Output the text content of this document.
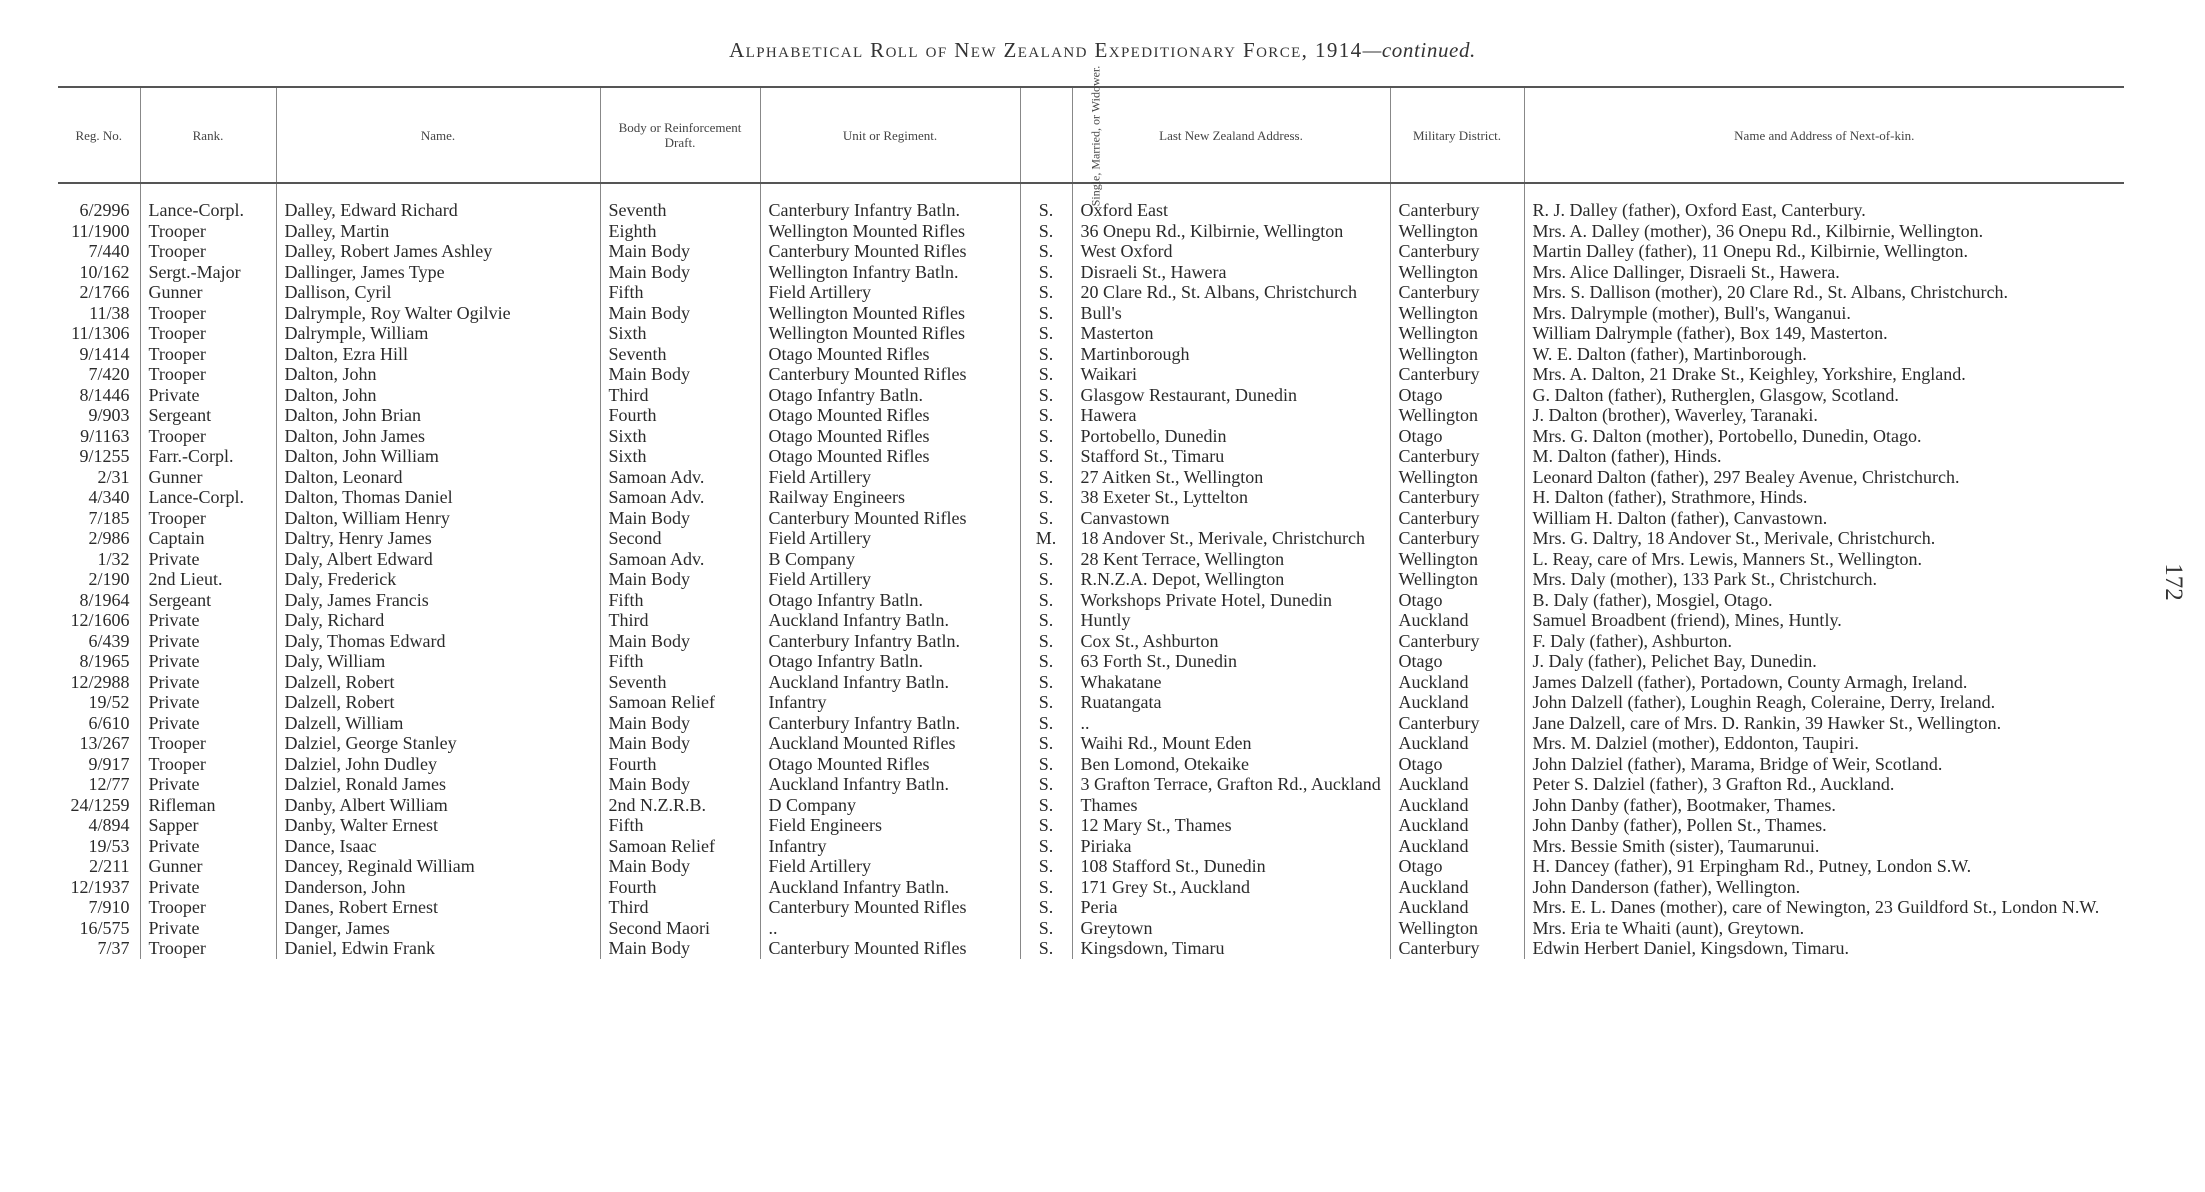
Alphabetical Roll of New Zealand Expeditionary Force, 1914—continued.
Reg. No.	Rank.	Name.	Body or Reinforcement Draft.	Unit or Regiment.	Single, Married, or Widower.	Last New Zealand Address.	Military District.	Name and Address of Next-of-kin.
6/2996	Lance-Corpl.	Dalley, Edward Richard	Seventh	Canterbury Infantry Batln.	S.	Oxford East	Canterbury	R. J. Dalley (father), Oxford East, Canterbury.
11/1900	Trooper	Dalley, Martin	Eighth	Wellington Mounted Rifles	S.	36 Onepu Rd., Kilbirnie, Wellington	Wellington	Mrs. A. Dalley (mother), 36 Onepu Rd., Kilbirnie, Wellington.
7/440	Trooper	Dalley, Robert James Ashley	Main Body	Canterbury Mounted Rifles	S.	West Oxford	Canterbury	Martin Dalley (father), 11 Onepu Rd., Kilbirnie, Wellington.
10/162	Sergt.-Major	Dallinger, James Type	Main Body	Wellington Infantry Batln.	S.	Disraeli St., Hawera	Wellington	Mrs. Alice Dallinger, Disraeli St., Hawera.
2/1766	Gunner	Dallison, Cyril	Fifth	Field Artillery	S.	20 Clare Rd., St. Albans, Christchurch	Canterbury	Mrs. S. Dallison (mother), 20 Clare Rd., St. Albans, Christchurch.
11/38	Trooper	Dalrymple, Roy Walter Ogilvie	Main Body	Wellington Mounted Rifles	S.	Bull's	Wellington	Mrs. Dalrymple (mother), Bull's, Wanganui.
11/1306	Trooper	Dalrymple, William	Sixth	Wellington Mounted Rifles	S.	Masterton	Wellington	William Dalrymple (father), Box 149, Masterton.
9/1414	Trooper	Dalton, Ezra Hill	Seventh	Otago Mounted Rifles	S.	Martinborough	Wellington	W. E. Dalton (father), Martinborough.
7/420	Trooper	Dalton, John	Main Body	Canterbury Mounted Rifles	S.	Waikari	Canterbury	Mrs. A. Dalton, 21 Drake St., Keighley, Yorkshire, England.
8/1446	Private	Dalton, John	Third	Otago Infantry Batln.	S.	Glasgow Restaurant, Dunedin	Otago	G. Dalton (father), Rutherglen, Glasgow, Scotland.
9/903	Sergeant	Dalton, John Brian	Fourth	Otago Mounted Rifles	S.	Hawera	Wellington	J. Dalton (brother), Waverley, Taranaki.
9/1163	Trooper	Dalton, John James	Sixth	Otago Mounted Rifles	S.	Portobello, Dunedin	Otago	Mrs. G. Dalton (mother), Portobello, Dunedin, Otago.
9/1255	Farr.-Corpl.	Dalton, John William	Sixth	Otago Mounted Rifles	S.	Stafford St., Timaru	Canterbury	M. Dalton (father), Hinds.
2/31	Gunner	Dalton, Leonard	Samoan Adv.	Field Artillery	S.	27 Aitken St., Wellington	Wellington	Leonard Dalton (father), 297 Bealey Avenue, Christchurch.
4/340	Lance-Corpl.	Dalton, Thomas Daniel	Samoan Adv.	Railway Engineers	S.	38 Exeter St., Lyttelton	Canterbury	H. Dalton (father), Strathmore, Hinds.
7/185	Trooper	Dalton, William Henry	Main Body	Canterbury Mounted Rifles	S.	Canvastown	Canterbury	William H. Dalton (father), Canvastown.
2/986	Captain	Daltry, Henry James	Second	Field Artillery	M.	18 Andover St., Merivale, Christchurch	Canterbury	Mrs. G. Daltry, 18 Andover St., Merivale, Christchurch.
1/32	Private	Daly, Albert Edward	Samoan Adv.	B Company	S.	28 Kent Terrace, Wellington	Wellington	L. Reay, care of Mrs. Lewis, Manners St., Wellington.
2/190	2nd Lieut.	Daly, Frederick	Main Body	Field Artillery	S.	R.N.Z.A. Depot, Wellington	Wellington	Mrs. Daly (mother), 133 Park St., Christchurch.
8/1964	Sergeant	Daly, James Francis	Fifth	Otago Infantry Batln.	S.	Workshops Private Hotel, Dunedin	Otago	B. Daly (father), Mosgiel, Otago.
12/1606	Private	Daly, Richard	Third	Auckland Infantry Batln.	S.	Huntly	Auckland	Samuel Broadbent (friend), Mines, Huntly.
6/439	Private	Daly, Thomas Edward	Main Body	Canterbury Infantry Batln.	S.	Cox St., Ashburton	Canterbury	F. Daly (father), Ashburton.
8/1965	Private	Daly, William	Fifth	Otago Infantry Batln.	S.	63 Forth St., Dunedin	Otago	J. Daly (father), Pelichet Bay, Dunedin.
12/2988	Private	Dalzell, Robert	Seventh	Auckland Infantry Batln.	S.	Whakatane	Auckland	James Dalzell (father), Portadown, County Armagh, Ireland.
19/52	Private	Dalzell, Robert	Samoan Relief	Infantry	S.	Ruatangata	Auckland	John Dalzell (father), Loughin Reagh, Coleraine, Derry, Ireland.
6/610	Private	Dalzell, William	Main Body	Canterbury Infantry Batln.	S.	..	Canterbury	Jane Dalzell, care of Mrs. D. Rankin, 39 Hawker St., Wellington.
13/267	Trooper	Dalziel, George Stanley	Main Body	Auckland Mounted Rifles	S.	Waihi Rd., Mount Eden	Auckland	Mrs. M. Dalziel (mother), Eddonton, Taupiri.
9/917	Trooper	Dalziel, John Dudley	Fourth	Otago Mounted Rifles	S.	Ben Lomond, Otekaike	Otago	John Dalziel (father), Marama, Bridge of Weir, Scotland.
12/77	Private	Dalziel, Ronald James	Main Body	Auckland Infantry Batln.	S.	3 Grafton Terrace, Grafton Rd., Auckland	Auckland	Peter S. Dalziel (father), 3 Grafton Rd., Auckland.
24/1259	Rifleman	Danby, Albert William	2nd N.Z.R.B.	D Company	S.	Thames	Auckland	John Danby (father), Bootmaker, Thames.
4/894	Sapper	Danby, Walter Ernest	Fifth	Field Engineers	S.	12 Mary St., Thames	Auckland	John Danby (father), Pollen St., Thames.
19/53	Private	Dance, Isaac	Samoan Relief	Infantry	S.	Piriaka	Auckland	Mrs. Bessie Smith (sister), Taumarunui.
2/211	Gunner	Dancey, Reginald William	Main Body	Field Artillery	S.	108 Stafford St., Dunedin	Otago	H. Dancey (father), 91 Erpingham Rd., Putney, London S.W.
12/1937	Private	Danderson, John	Fourth	Auckland Infantry Batln.	S.	171 Grey St., Auckland	Auckland	John Danderson (father), Wellington.
7/910	Trooper	Danes, Robert Ernest	Third	Canterbury Mounted Rifles	S.	Peria	Auckland	Mrs. E. L. Danes (mother), care of Newington, 23 Guildford St., London N.W.
16/575	Private	Danger, James	Second Maori	..	S.	Greytown	Wellington	Mrs. Eria te Whaiti (aunt), Greytown.
7/37	Trooper	Daniel, Edwin Frank	Main Body	Canterbury Mounted Rifles	S.	Kingsdown, Timaru	Canterbury	Edwin Herbert Daniel, Kingsdown, Timaru.
172
